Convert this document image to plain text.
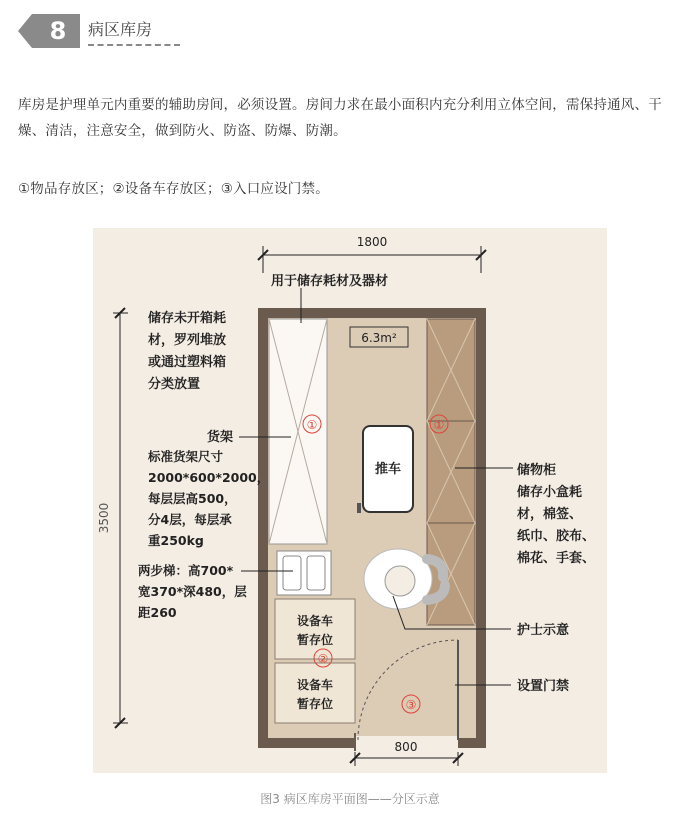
8	病区库房
库房是护理单元内重要的辅助房间，必须设置。房间力求在最小面积内充分利用立体空间，需保持通风、干燥、清洁，注意安全，做到防火、防盗、防爆、防潮。
①物品存放区；②设备车存放区；③入口应设门禁。
6.3m²
推车
①	①
②
③
设备车
暂存位
设备车
暂存位
1800
3500
800
用于储存耗材及器材
储存未开箱耗
材，罗列堆放
或通过塑料箱
分类放置
货架
标准货架尺寸
2000*600*2000，
每层层高500，
分4层，每层承
重250kg
两步梯：高700*
宽370*深480，层
距260
储物柜
储存小盒耗
材，棉签、
纸巾、胶布、
棉花、手套、
护士示意
设置门禁
图3 病区库房平面图——分区示意
